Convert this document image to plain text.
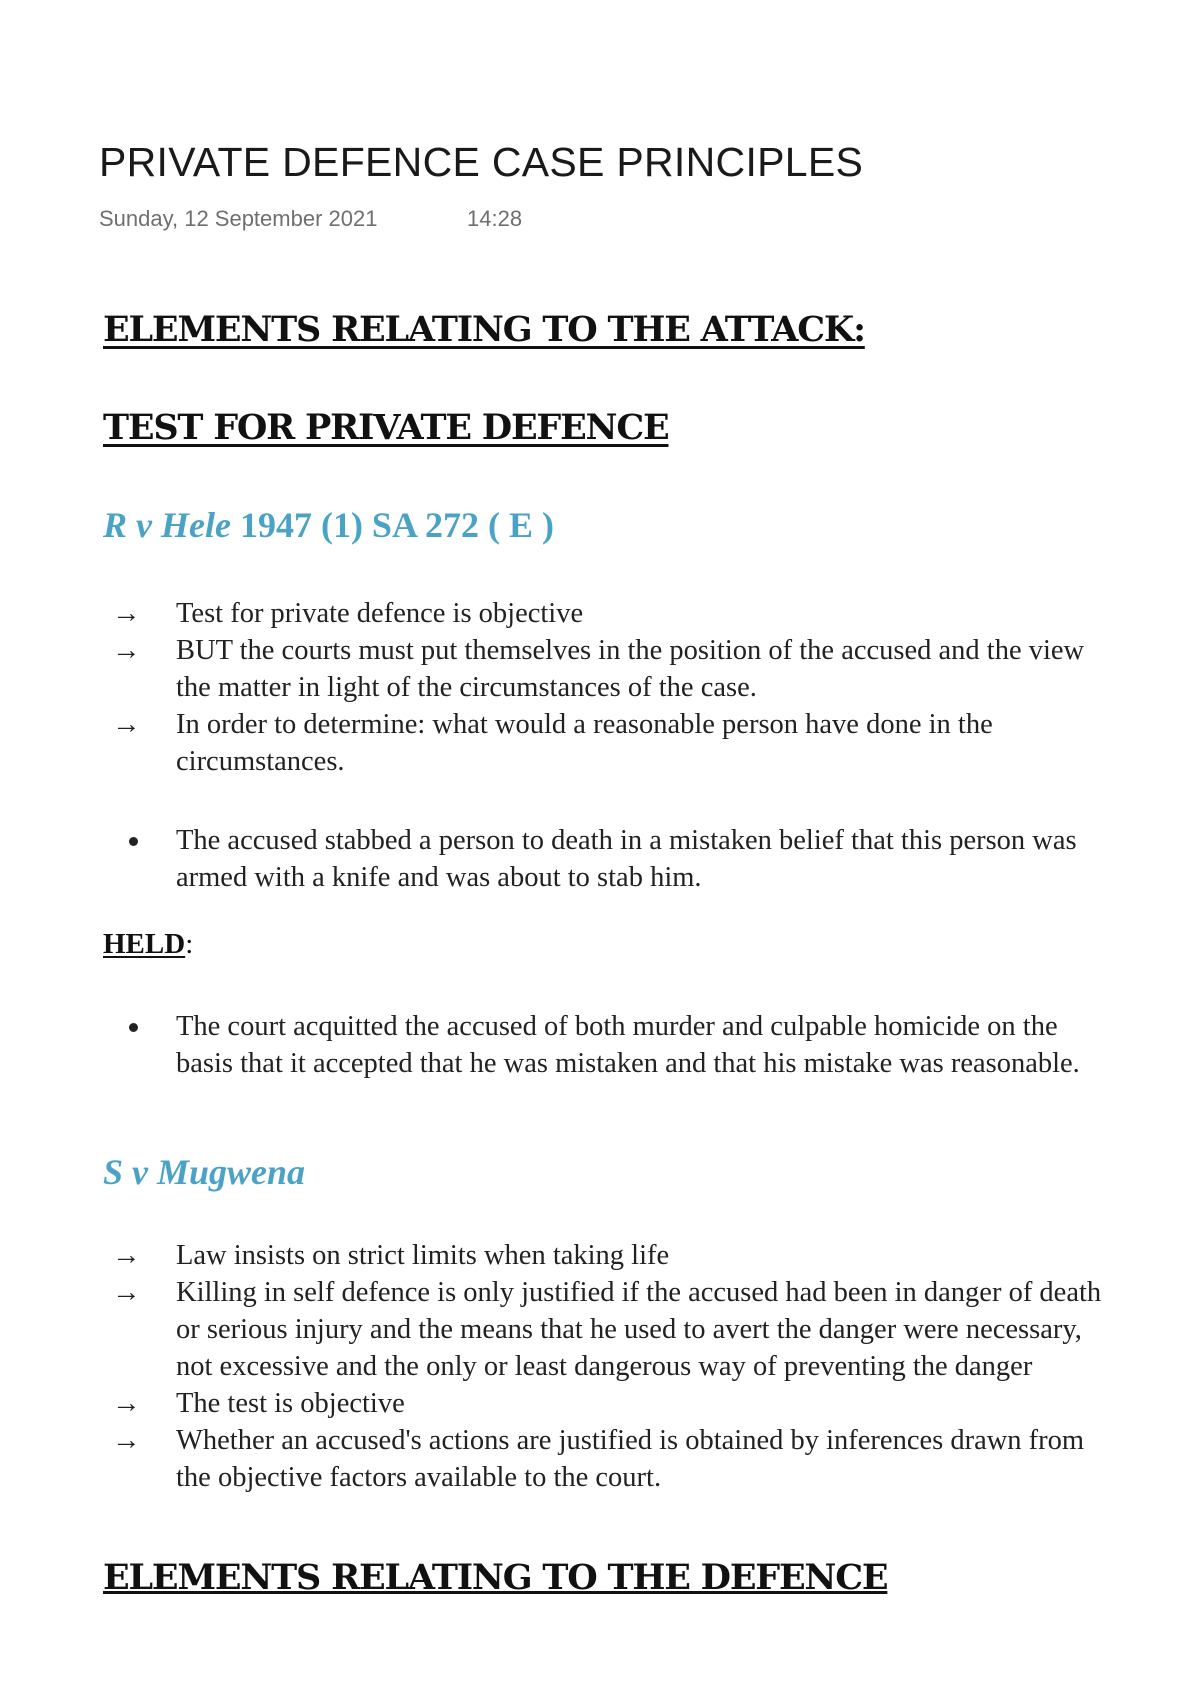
PRIVATE DEFENCE CASE PRINCIPLES
Sunday, 12 September 2021	14:28
ELEMENTS RELATING TO THE ATTACK:
TEST FOR PRIVATE DEFENCE
R v Hele 1947 (1) SA 272 ( E )
→	Test for private defence is objective
→	BUT the courts must put themselves in the position of the accused and the view the matter in light of the circumstances of the case.
→	In order to determine: what would a reasonable person have done in the circumstances.
The accused stabbed a person to death in a mistaken belief that this person was armed with a knife and was about to stab him.
HELD:
The court acquitted the accused of both murder and culpable homicide on the basis that it accepted that he was mistaken and that his mistake was reasonable.
S v Mugwena
→	Law insists on strict limits when taking life
→	Killing in self defence is only justified if the accused had been in danger of death or serious injury and the means that he used to avert the danger were necessary, not excessive and the only or least dangerous way of preventing the danger
→	The test is objective
→	Whether an accused's actions are justified is obtained by inferences drawn from the objective factors available to the court.
ELEMENTS RELATING TO THE DEFENCE
